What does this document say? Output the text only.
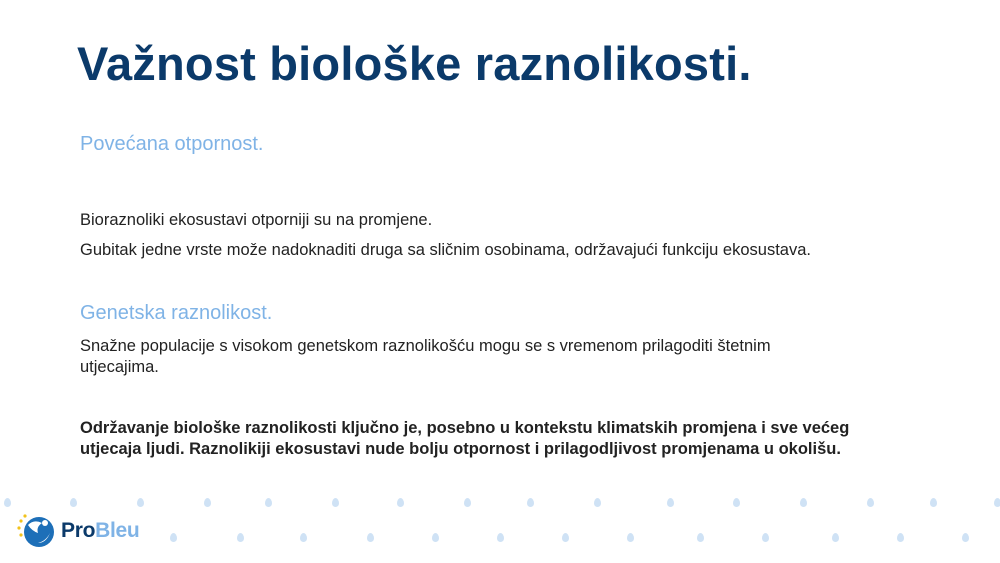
Važnost biološke raznolikosti.
Povećana otpornost.

Bioraznoliki ekosustavi otporniji su na promjene.

Gubitak jedne vrste može nadoknaditi druga sa sličnim osobinama, održavajući funkciju ekosustava.

Genetska raznolikost.

Snažne populacije s visokom genetskom raznolikošću mogu se s vremenom prilagoditi štetnim utjecajima.

Održavanje biološke raznolikosti ključno je, posebno u kontekstu klimatskih promjena i sve većeg utjecaja ljudi. Raznolikiji ekosustavi nude bolju otpornost i prilagodljivost promjenama u okolišu.

ProBleu
